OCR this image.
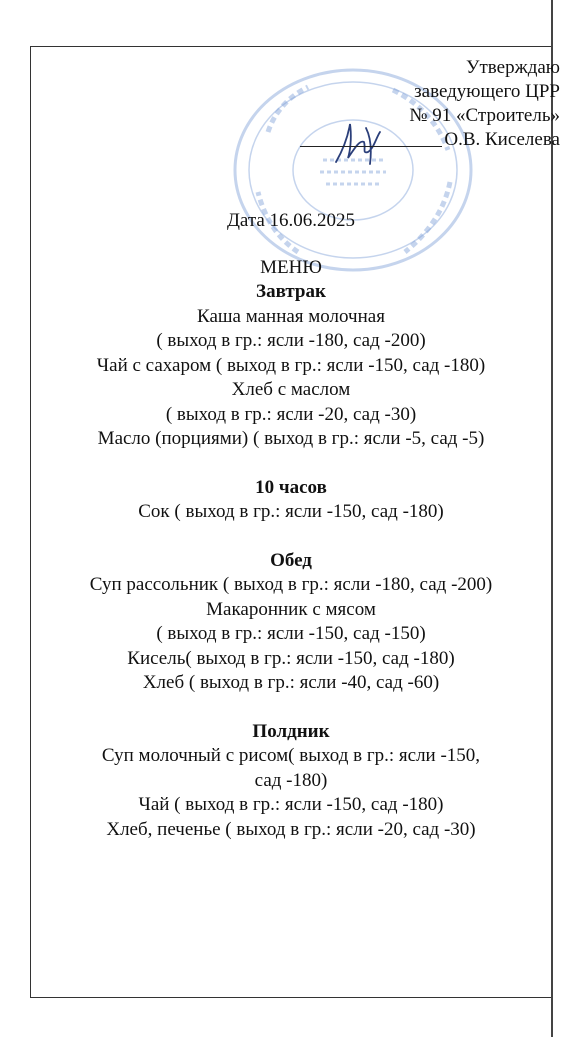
Утверждаю
заведующего ЦРР
№ 91 «Строитель»
О.В. Киселева

Дата 16.06.2025

МЕНЮ

Завтрак

Каша манная молочная

( выход в гр.: ясли -180, сад -200)

Чай с сахаром ( выход в гр.: ясли -150, сад -180)

Хлеб с маслом

( выход в гр.: ясли -20, сад -30)

Масло (порциями) ( выход в гр.: ясли -5, сад -5)

10 часов

Сок ( выход в гр.: ясли -150, сад -180)

Обед

Суп рассольник ( выход в гр.: ясли -180, сад -200)

Макаронник с мясом

( выход в гр.: ясли -150, сад -150)

Кисель( выход в гр.: ясли -150, сад -180)

Хлеб ( выход в гр.: ясли -40, сад -60)

Полдник

Суп молочный с рисом( выход в гр.: ясли -150,

сад -180)

Чай ( выход в гр.: ясли -150, сад -180)

Хлеб, печенье ( выход в гр.: ясли -20, сад -30)
